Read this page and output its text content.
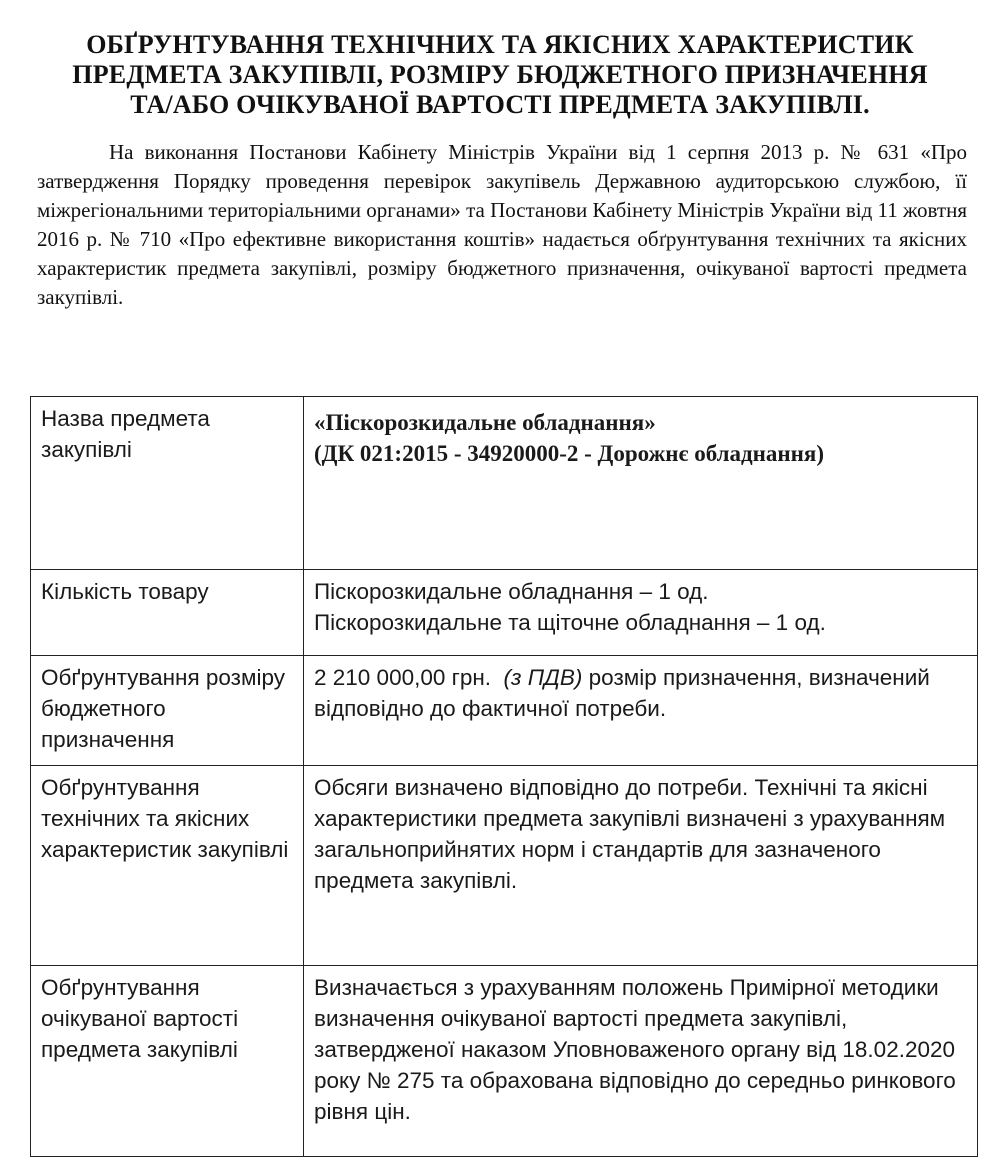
ОБҐРУНТУВАННЯ ТЕХНІЧНИХ ТА ЯКІСНИХ ХАРАКТЕРИСТИК
ПРЕДМЕТА ЗАКУПІВЛІ, РОЗМІРУ БЮДЖЕТНОГО ПРИЗНАЧЕННЯ
ТА/АБО ОЧІКУВАНОЇ ВАРТОСТІ ПРЕДМЕТА ЗАКУПІВЛІ.

На виконання Постанови Кабінету Міністрів України від 1 серпня 2013 р. № 631 «Про затвердження Порядку проведення перевірок закупівель Державною аудиторською службою, її міжрегіональними територіальними органами» та Постанови Кабінету Міністрів України від 11 жовтня 2016 р. № 710 «Про ефективне використання коштів» надається обґрунтування технічних та якісних характеристик предмета закупівлі, розміру бюджетного призначення, очікуваної вартості предмета закупівлі.

Назва предмета закупівлі	«Піскорозкидальне обладнання»
(ДК 021:2015 - 34920000-2 - Дорожнє обладнання)

Кількість товару	Піскорозкидальне обладнання – 1 од.
Піскорозкидальне та щіточне обладнання – 1 од.

Обґрунтування розміру бюджетного призначення	2 210 000,00 грн. (з ПДВ) розмір призначення, визначений відповідно до фактичної потреби.
Обґрунтування технічних та якісних характеристик закупівлі	Обсяги визначено відповідно до потреби. Технічні та якісні характеристики предмета закупівлі визначені з урахуванням загальноприйнятих норм і стандартів для зазначеного предмета закупівлі.
Обґрунтування очікуваної вартості предмета закупівлі	Визначається з урахуванням положень Примірної методики визначення очікуваної вартості предмета закупівлі, затвердженої наказом Уповноваженого органу від 18.02.2020 року № 275 та обрахована відповідно до середньо ринкового рівня цін.
